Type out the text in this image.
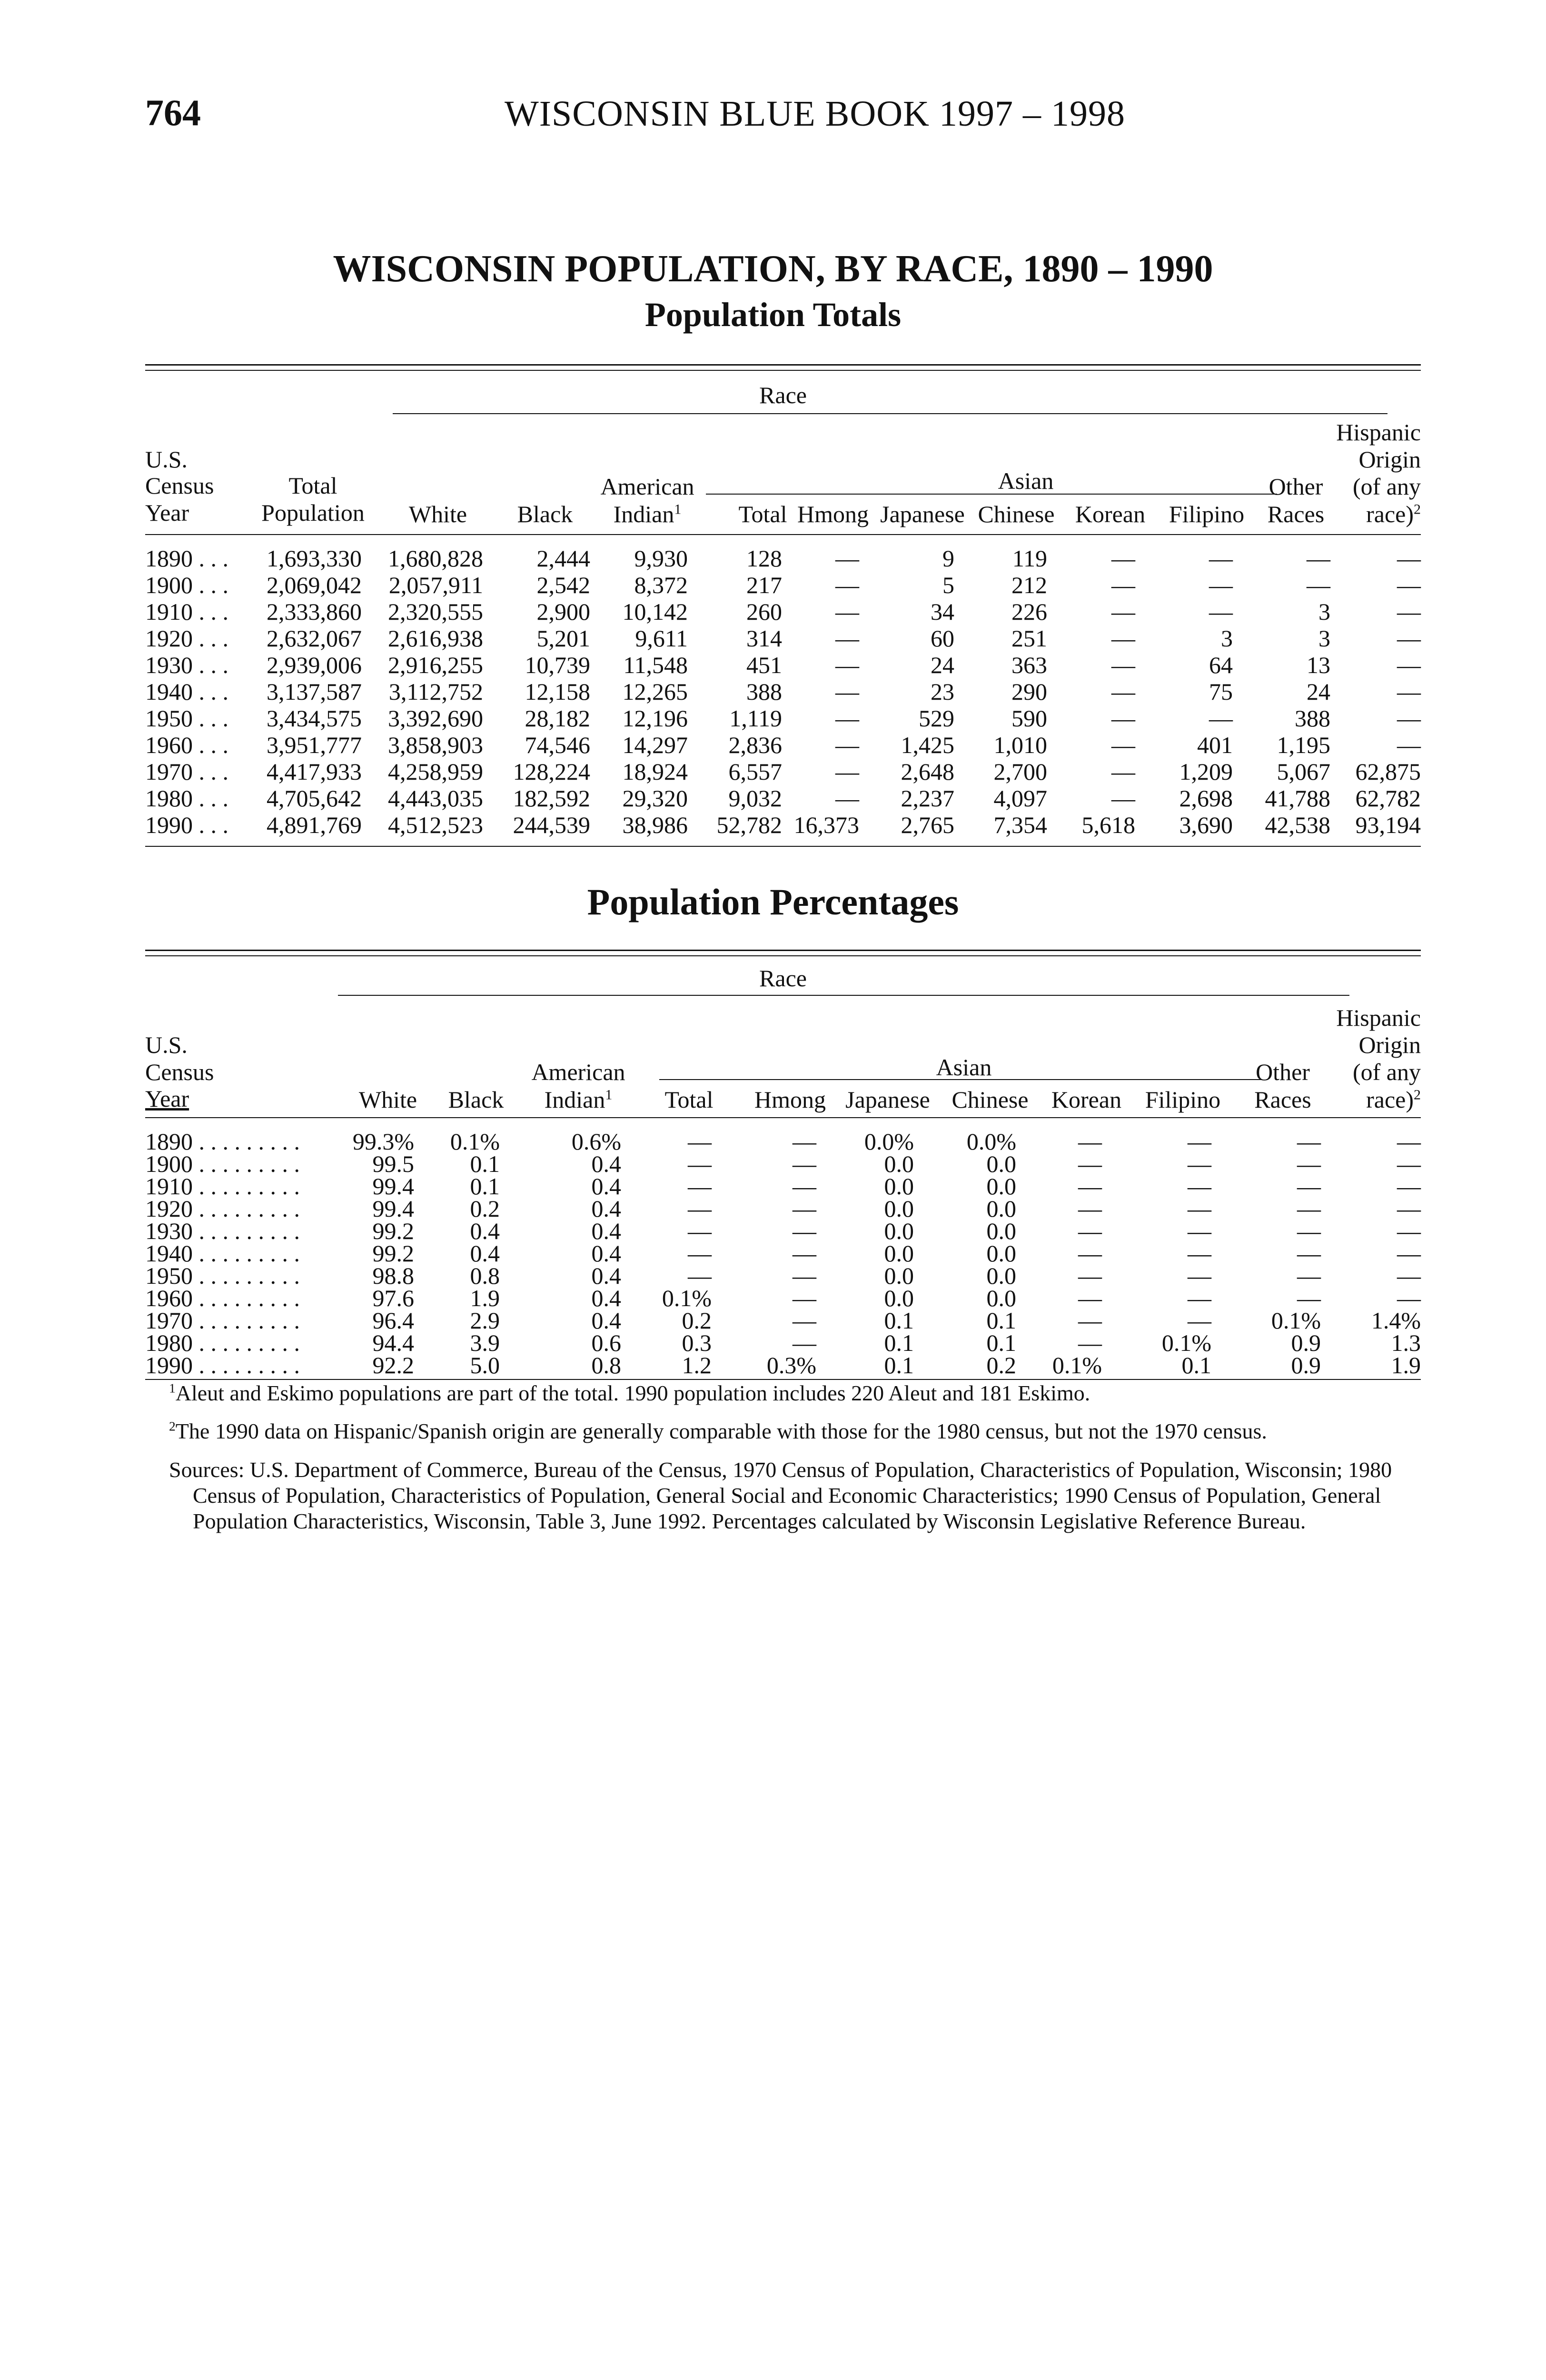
764	WISCONSIN BLUE BOOK 1997 – 1998
WISCONSIN POPULATION, BY RACE, 1890 – 1990
Population Totals
Race
U.S.
Census
Year
Total
Population	White	Black
American
Indian$^1$
Asian
Total Hmong Japanese Chinese Korean Filipino
Other
Races
Hispanic
Origin
(of any
race)$^2$
1890 . . . 1,693,330 1,680,828 2,444 9,930 128 —	9 119	—	—	—	—
1900 . . . 2,069,042 2,057,911 2,542 8,372 217 —	5 212	—	—	—	—
1910 . . . 2,333,860 2,320,555 2,900 10,142 260 —	34 226	—	—	3	—
1920 . . . 2,632,067 2,616,938 5,201 9,611 314 —	60 251	—	3	3	—
1930 . . . 2,939,006 2,916,255 10,739 11,548 451 —	24 363	—	64	13	—
1940 . . . 3,137,587 3,112,752 12,158 12,265 388 —	23 290	—	75	24	—
1950 . . . 3,434,575 3,392,690 28,182 12,196 1,119 —	529 590	—	—	388	—
1960 . . . 3,951,777 3,858,903 74,546 14,297 2,836 — 1,425 1,010	—	401 1,195	—
1970 . . . 4,417,933 4,258,959 128,224 18,924 6,557 — 2,648 2,700	— 1,209 5,067 62,875
1980 . . . 4,705,642 4,443,035 182,592 29,320 9,032 — 2,237 4,097	— 2,698 41,788 62,782
1990 . . . 4,891,769 4,512,523 244,539 38,986 52,782 16,373 2,765 7,354 5,618 3,690 42,538 93,194
Population Percentages
Race
U.S.
Census
Year	White	Black
American
Indian$^1$
Asian
Total	Hmong Japanese Chinese Korean Filipino
Other
Races
Hispanic
Origin
(of any
race)$^2$
1890 . . . . . . . . . 99.3% 0.1%	0.6%	—	— 0.0% 0.0%	—	—	—	—
1900 . . . . . . . . .	99.5 0.1	0.4	—	—	0.0	0.0	—	—	—	—
1910 . . . . . . . . .	99.4 0.1	0.4	—	—	0.0	0.0	—	—	—	—
1920 . . . . . . . . .	99.4 0.2	0.4	—	—	0.0	0.0	—	—	—	—
1930 . . . . . . . . .	99.2 0.4	0.4	—	—	0.0	0.0	—	—	—	—
1940 . . . . . . . . .	99.2 0.4	0.4	—	—	0.0	0.0	—	—	—	—
1950 . . . . . . . . .	98.8 0.8	0.4	—	—	0.0	0.0	—	—	—	—
1960 . . . . . . . . .	97.6 1.9	0.4 0.1%	—	0.0	0.0	—	—	—	—
1970 . . . . . . . . .	96.4 2.9	0.4	0.2	—	0.1	0.1	—	—	0.1% 1.4%
1980 . . . . . . . . .	94.4 3.9	0.6	0.3	—	0.1	0.1	—	0.1%	0.9	1.3
1990 . . . . . . . . .	92.2 5.0	0.8	1.2 0.3%	0.1	0.2 0.1%	0.1	0.9	1.9

$^1$Aleut and Eskimo populations are part of the total. 1990 population includes 220 Aleut and 181 Eskimo.

$^2$The 1990 data on Hispanic/Spanish origin are generally comparable with those for the 1980 census, but not the 1970 census.

Sources: U.S. Department of Commerce, Bureau of the Census, 1970 Census of Population, Characteristics of Population, Wisconsin; 1980 Census of Population, Characteristics of Population, General Social and Economic Characteristics; 1990 Census of Population, General Population Characteristics, Wisconsin, Table 3, June 1992. Percentages calculated by Wisconsin Legislative Reference Bureau.
